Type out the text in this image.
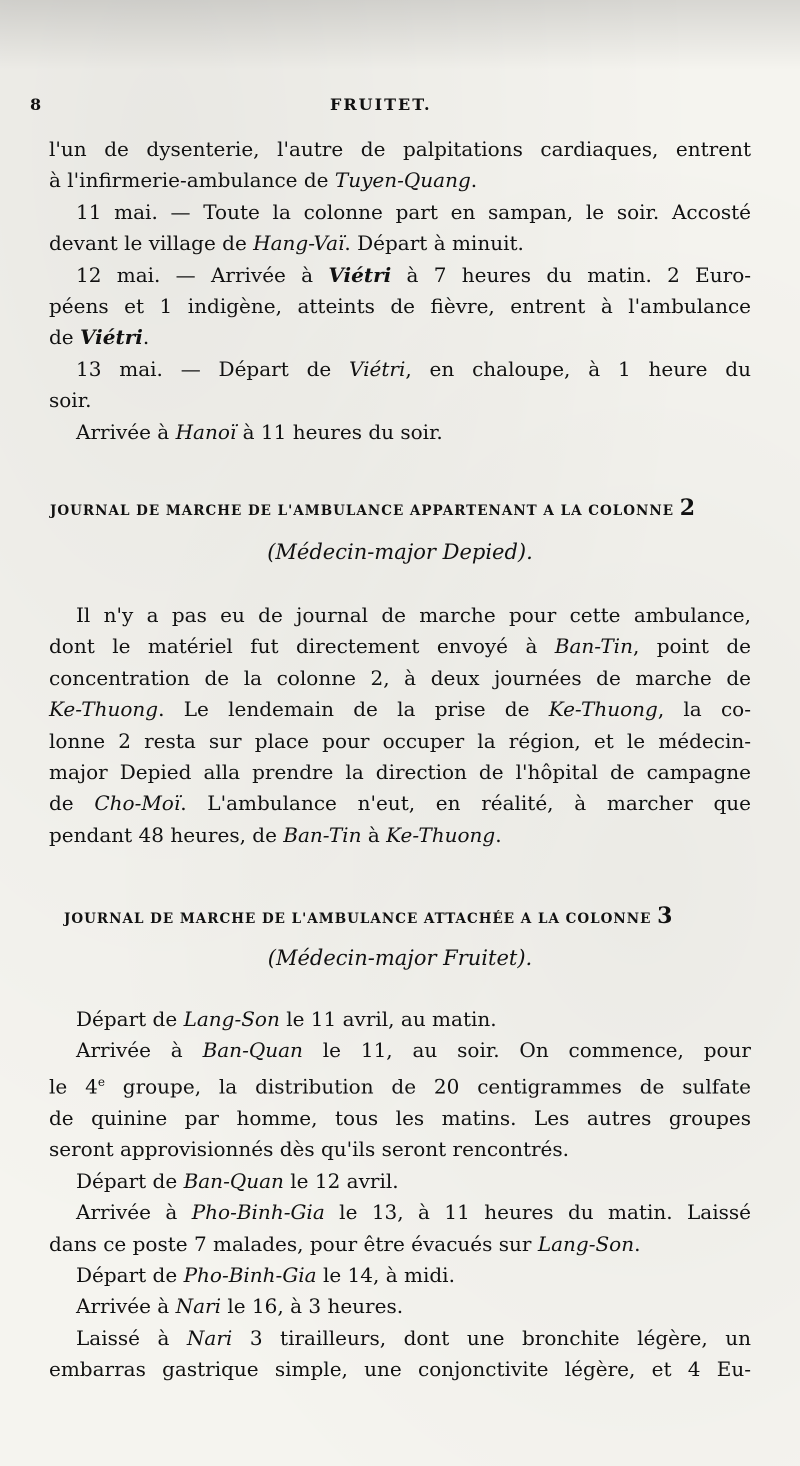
8	FRUITET.
l'un de dysenterie, l'autre de palpitations cardiaques, entrent
à l'infirmerie-ambulance de Tuyen-Quang.
11 mai. — Toute la colonne part en sampan, le soir. Accosté
devant le village de Hang-Vaï. Départ à minuit.
12 mai. — Arrivée à Viétri à 7 heures du matin. 2 Euro-
péens et 1 indigène, atteints de fièvre, entrent à l'ambulance
de Viétri.
13 mai. — Départ de Viétri, en chaloupe, à 1 heure du
soir.
Arrivée à Hanoï à 11 heures du soir.
JOURNAL DE MARCHE DE L'AMBULANCE APPARTENANT A LA COLONNE 2
(Médecin-major Depied).
Il n'y a pas eu de journal de marche pour cette ambulance,
dont le matériel fut directement envoyé à Ban-Tin, point de
concentration de la colonne 2, à deux journées de marche de
Ke-Thuong. Le lendemain de la prise de Ke-Thuong, la co-
lonne 2 resta sur place pour occuper la région, et le médecin-
major Depied alla prendre la direction de l'hôpital de campagne
de Cho-Moï. L'ambulance n'eut, en réalité, à marcher que
pendant 48 heures, de Ban-Tin à Ke-Thuong.
JOURNAL DE MARCHE DE L'AMBULANCE ATTACHÉE A LA COLONNE 3
(Médecin-major Fruitet).
Départ de Lang-Son le 11 avril, au matin.
Arrivée à Ban-Quan le 11, au soir. On commence, pour
le 4e groupe, la distribution de 20 centigrammes de sulfate
de quinine par homme, tous les matins. Les autres groupes
seront approvisionnés dès qu'ils seront rencontrés.
Départ de Ban-Quan le 12 avril.
Arrivée à Pho-Binh-Gia le 13, à 11 heures du matin. Laissé
dans ce poste 7 malades, pour être évacués sur Lang-Son.
Départ de Pho-Binh-Gia le 14, à midi.
Arrivée à Nari le 16, à 3 heures.
Laissé à Nari 3 tirailleurs, dont une bronchite légère, un
embarras gastrique simple, une conjonctivite légère, et 4 Eu-
